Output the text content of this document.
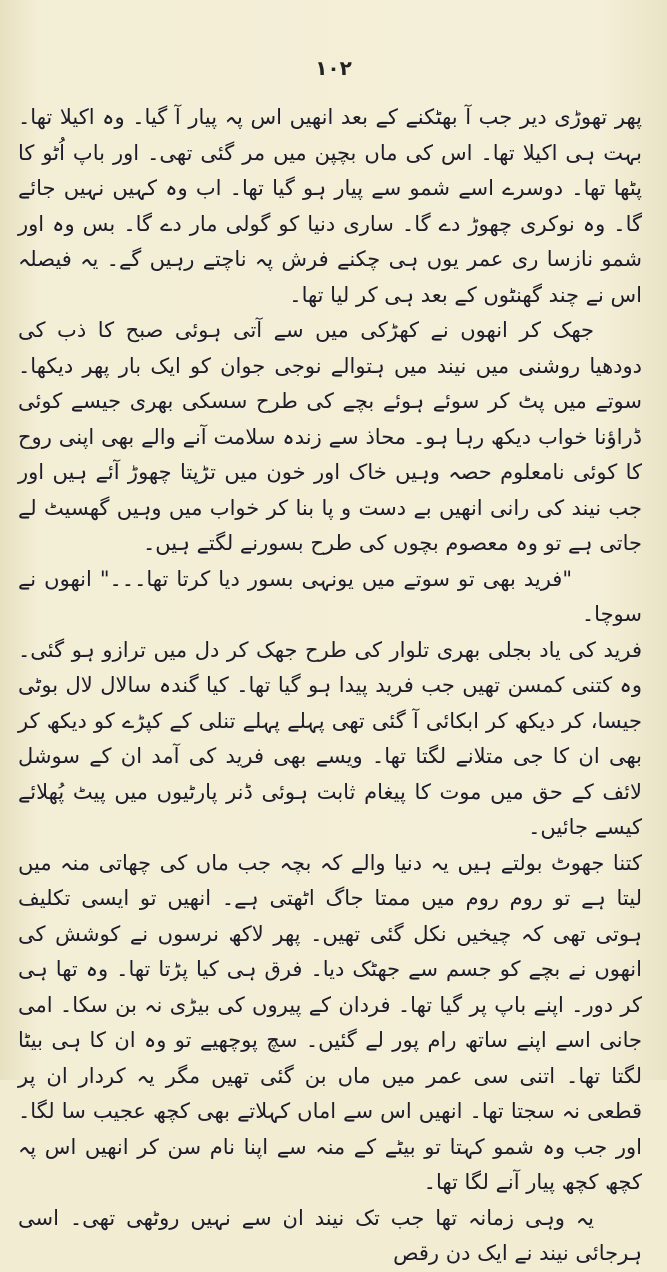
۱۰۲

پھر تھوڑی دیر جب آ بھٹکنے کے بعد انھیں اس پہ پیار آ گیا۔ وہ اکیلا تھا۔ بہت ہی اکیلا تھا۔ اس کی ماں بچپن میں مر گئی تھی۔ اور باپ اُٹو کا پٹھا تھا۔ دوسرے اسے شمو سے پیار ہو گیا تھا۔ اب وہ کہیں نہیں جائے گا۔ وہ نوکری چھوڑ دے گا۔ ساری دنیا کو گولی مار دے گا۔ بس وہ اور شمو نازسا ری عمر یوں ہی چکنے فرش پہ ناچتے رہیں گے۔ یہ فیصلہ اس نے چند گھنٹوں کے بعد ہی کر لیا تھا۔

جھک کر انھوں نے کھڑکی میں سے آتی ہوئی صبح کا ذب کی دودھیا روشنی میں نیند میں ہتوالے نوجی جوان کو ایک بار پھر دیکھا۔ سوتے میں پٹ کر سوئے ہوئے بچے کی طرح سسکی بھری جیسے کوئی ڈراؤنا خواب دیکھ رہا ہو۔ محاذ سے زندہ سلامت آنے والے بھی اپنی روح کا کوئی نامعلوم حصہ وہیں خاک اور خون میں تڑپتا چھوڑ آئے ہیں اور جب نیند کی رانی انھیں بے دست و پا بنا کر خواب میں وہیں گھسیٹ لے جاتی ہے تو وہ معصوم بچوں کی طرح بسورنے لگتے ہیں۔

"فرید بھی تو سوتے میں یونہی بسور دیا کرتا تھا۔۔۔" انھوں نے سوچا۔

فرید کی یاد بجلی بھری تلوار کی طرح جھک کر دل میں ترازو ہو گئی۔ وہ کتنی کمسن تھیں جب فرید پیدا ہو گیا تھا۔ کیا گندہ سالال لال بوٹی جیسا، کر دیکھ کر ابکائی آ گئی تھی پہلے پہلے تنلی کے کپڑے کو دیکھ کر بھی ان کا جی متلانے لگتا تھا۔ ویسے بھی فرید کی آمد ان کے سوشل لائف کے حق میں موت کا پیغام ثابت ہوئی ڈنر پارٹیوں میں پیٹ پُھلائے کیسے جائیں۔

کتنا جھوٹ بولتے ہیں یہ دنیا والے کہ بچہ جب ماں کی چھاتی منہ میں لیتا ہے تو روم روم میں ممتا جاگ اٹھتی ہے۔ انھیں تو ایسی تکلیف ہوتی تھی کہ چیخیں نکل گئی تھیں۔ پھر لاکھ نرسوں نے کوشش کی انھوں نے بچے کو جسم سے جھٹک دیا۔ فرق ہی کیا پڑتا تھا۔ وہ تھا ہی کر دور۔ اپنے باپ پر گیا تھا۔ فردان کے پیروں کی بیڑی نہ بن سکا۔ امی جانی اسے اپنے ساتھ رام پور لے گئیں۔ سچ پوچھیے تو وہ ان کا ہی بیٹا لگتا تھا۔ اتنی سی عمر میں ماں بن گئی تھیں مگر یہ کردار ان پر قطعی نہ سجتا تھا۔ انھیں اس سے اماں کہلاتے بھی کچھ عجیب سا لگا۔ اور جب وہ شمو کہتا تو بیٹے کے منہ سے اپنا نام سن کر انھیں اس پہ کچھ کچھ پیار آنے لگا تھا۔

یہ وہی زمانہ تھا جب تک نیند ان سے نہیں روٹھی تھی۔ اسی ہرجائی نیند نے ایک دن رقص
